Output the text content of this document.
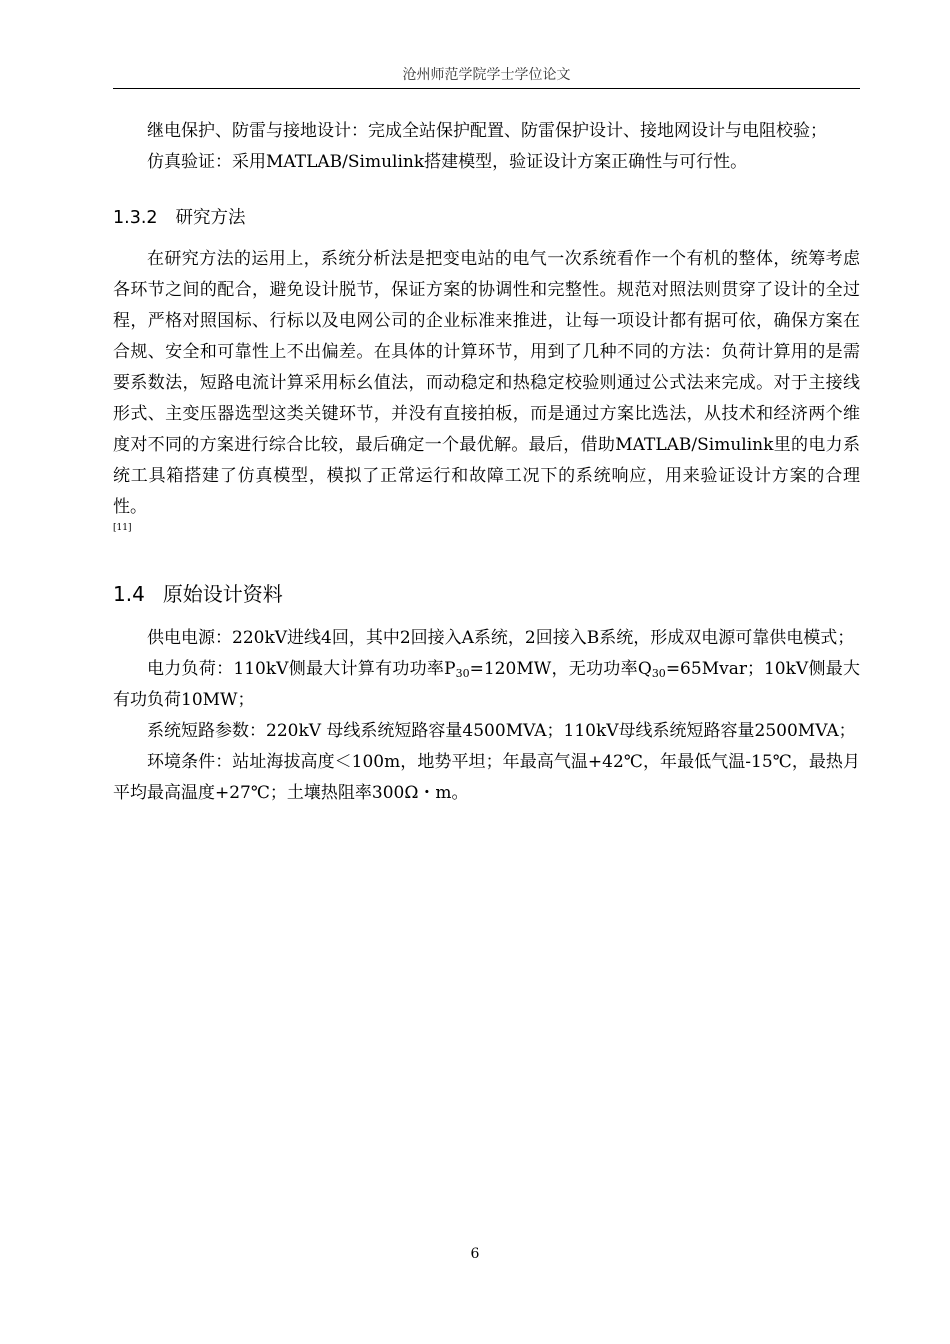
沧州师范学院学士学位论文

继电保护、防雷与接地设计：完成全站保护配置、防雷保护设计、接地网设计与电阻校验；

仿真验证：采用MATLAB/Simulink搭建模型，验证设计方案正确性与可行性。

1.3.2 研究方法

在研究方法的运用上，系统分析法是把变电站的电气一次系统看作一个有机的整体，统筹考虑各环节之间的配合，避免设计脱节，保证方案的协调性和完整性。规范对照法则贯穿了设计的全过程，严格对照国标、行标以及电网公司的企业标准来推进，让每一项设计都有据可依，确保方案在合规、安全和可靠性上不出偏差。在具体的计算环节，用到了几种不同的方法：负荷计算用的是需要系数法，短路电流计算采用标幺值法，而动稳定和热稳定校验则通过公式法来完成。对于主接线形式、主变压器选型这类关键环节，并没有直接拍板，而是通过方案比选法，从技术和经济两个维度对不同的方案进行综合比较，最后确定一个最优解。最后，借助MATLAB/Simulink里的电力系统工具箱搭建了仿真模型，模拟了正常运行和故障工况下的系统响应，用来验证设计方案的合理性。

[11]
1.4 原始设计资料

供电电源：220kV进线4回，其中2回接入A系统，2回接入B系统，形成双电源可靠供电模式；

电力负荷：110kV侧最大计算有功功率$P_{30}=120MW$，无功功率$Q_{30}=65Mvar$；10kV侧最大有功负荷10MW；

系统短路参数：220kV 母线系统短路容量4500MVA；110kV母线系统短路容量2500MVA；

环境条件：站址海拔高度＜100m，地势平坦；年最高气温+42℃，年最低气温-15℃，最热月平均最高温度+27℃；土壤热阻率300Ω・m。

6
